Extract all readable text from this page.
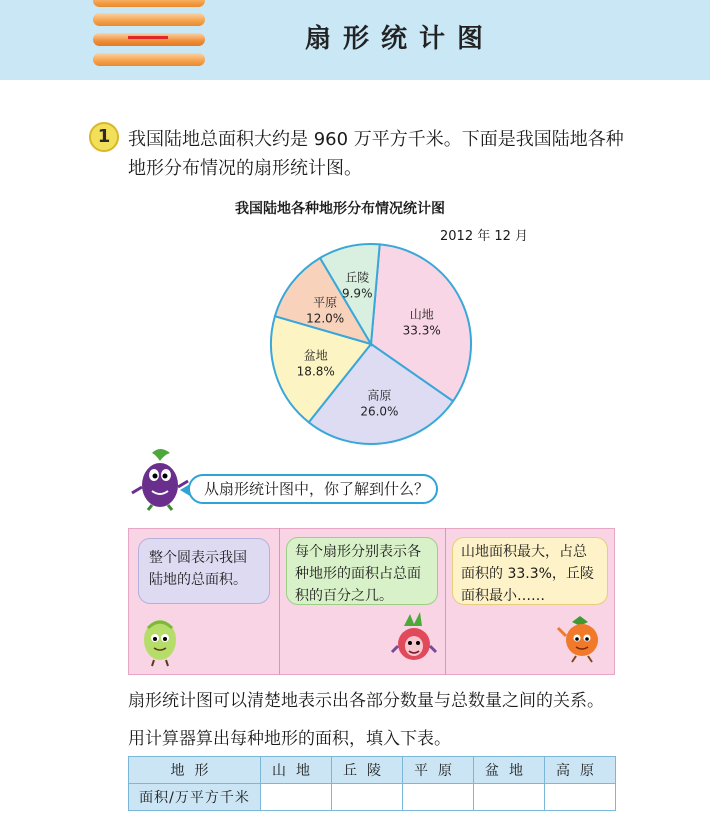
扇形统计图
1 我国陆地总面积大约是 960 万平方千米。下面是我国陆地各种地形分布情况的扇形统计图。
我国陆地各种地形分布情况统计图
2012 年 12 月
山地
33.3%
高原
26.0%
盆地
18.8%
平原
12.0%
丘陵
9.9%
从扇形统计图中，你了解到什么？
整个圆表示我国陆地的总面积。
每个扇形分别表示各种地形的面积占总面积的百分之几。
山地面积最大，占总面积的 33.3%，丘陵面积最小……
扇形统计图可以清楚地表示出各部分数量与总数量之间的关系。
用计算器算出每种地形的面积，填入下表。
地形	山地	丘陵	平原	盆地	高原
面积/万平方千米					
